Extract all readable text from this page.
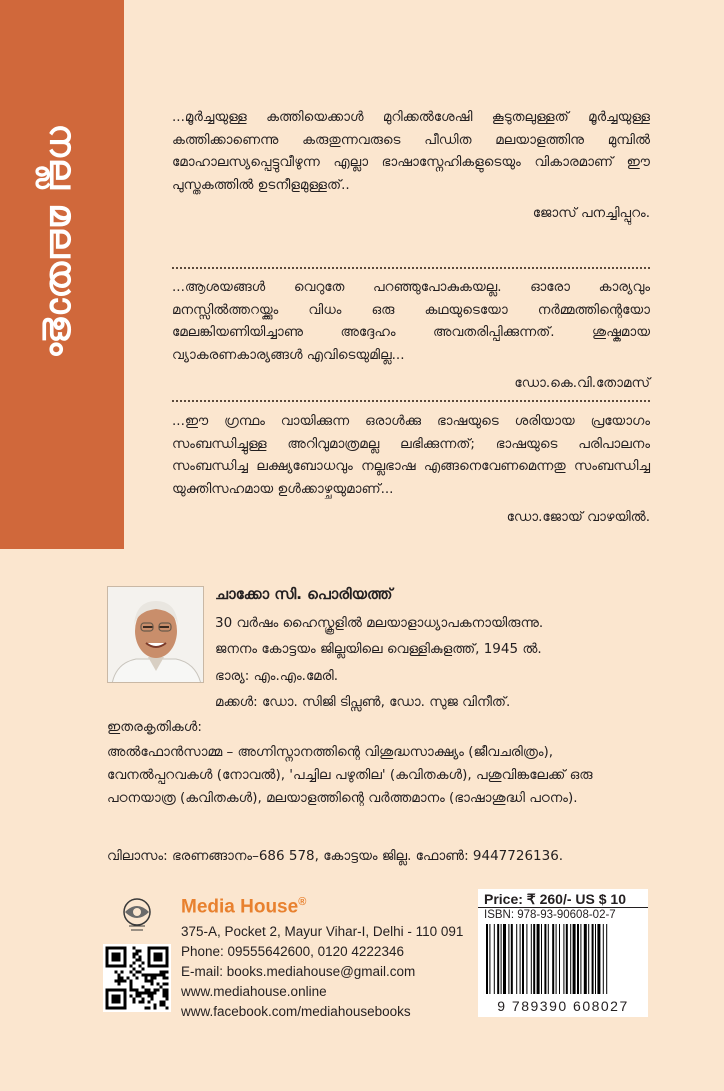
നല്ല മലയാളം
...മൂർച്ചയുള്ള കത്തിയെക്കാൾ മുറിക്കൽശേഷി കൂടുതലുള്ളത് മൂർച്ചയുള്ള കത്തിക്കാണെന്നു കരുതുന്നവരുടെ പീഡിത മലയാളത്തിനു മുമ്പിൽ മോഹാലസ്യപ്പെട്ടുവീഴുന്ന എല്ലാ ഭാഷാസ്നേഹികളുടെയും വികാരമാണ് ഈ പുസ്തകത്തിൽ ഉടനീളമുള്ളത്..
ജോസ് പനച്ചിപ്പുറം.
...ആശയങ്ങൾ വെറുതേ പറഞ്ഞുപോകുകയല്ല. ഓരോ കാര്യവും മനസ്സിൽത്തറയ്ക്കും വിധം ഒരു കഥയുടെയോ നർമ്മത്തിന്റെയോ മേലങ്കിയണിയിച്ചാണു അദ്ദേഹം അവതരിപ്പിക്കുന്നത്. ശുഷ്കമായ വ്യാകരണകാര്യങ്ങൾ എവിടെയുമില്ല...
ഡോ.കെ.വി.തോമസ്
...ഈ ഗ്രന്ഥം വായിക്കുന്ന ഒരാൾക്കു ഭാഷയുടെ ശരിയായ പ്രയോഗം സംബന്ധിച്ചുള്ള അറിവുമാത്രമല്ല ലഭിക്കുന്നത്; ഭാഷയുടെ പരിപാലനം സംബന്ധിച്ച ലക്ഷ്യബോധവും നല്ലഭാഷ എങ്ങനെവേണമെന്നതു സംബന്ധിച്ച യുക്തിസഹമായ ഉൾക്കാഴ്ചയുമാണ്...
ഡോ.ജോയ് വാഴയിൽ.
ചാക്കോ സി. പൊരിയത്ത്
30 വർഷം ഹൈസ്കൂളിൽ മലയാളാധ്യാപകനായിരുന്നു.
ജനനം കോട്ടയം ജില്ലയിലെ വെള്ളികുളത്ത്, 1945 ൽ.
ഭാര്യ: എം.എം.മേരി.
മക്കൾ: ഡോ. സിജി ടിപ്സൺ, ഡോ. സുജ വിനീത്.
ഇതരകൃതികൾ:
അൽഫോൻസാമ്മ – അഗ്നിസ്നാനത്തിന്റെ വിശുദ്ധസാക്ഷ്യം (ജീവചരിത്രം), വേനൽപ്പറവകൾ (നോവൽ), 'പച്ചില പഴുതില' (കവിതകൾ), പശുവിങ്കലേക്ക് ഒരു പഠനയാത്ര (കവിതകൾ), മലയാളത്തിന്റെ വർത്തമാനം (ഭാഷാശുദ്ധി പഠനം).
വിലാസം: ഭരണങ്ങാനം–686 578, കോട്ടയം ജില്ല. ഫോൺ: 9447726136.
Media House®
375-A, Pocket 2, Mayur Vihar-I, Delhi - 110 091
Phone: 09555642600, 0120 4222346
E-mail: books.mediahouse@gmail.com
www.mediahouse.online
www.facebook.com/mediahousebooks
Price: ₹ 260/- US $ 10
ISBN: 978-93-90608-02-7
9 789390 608027
